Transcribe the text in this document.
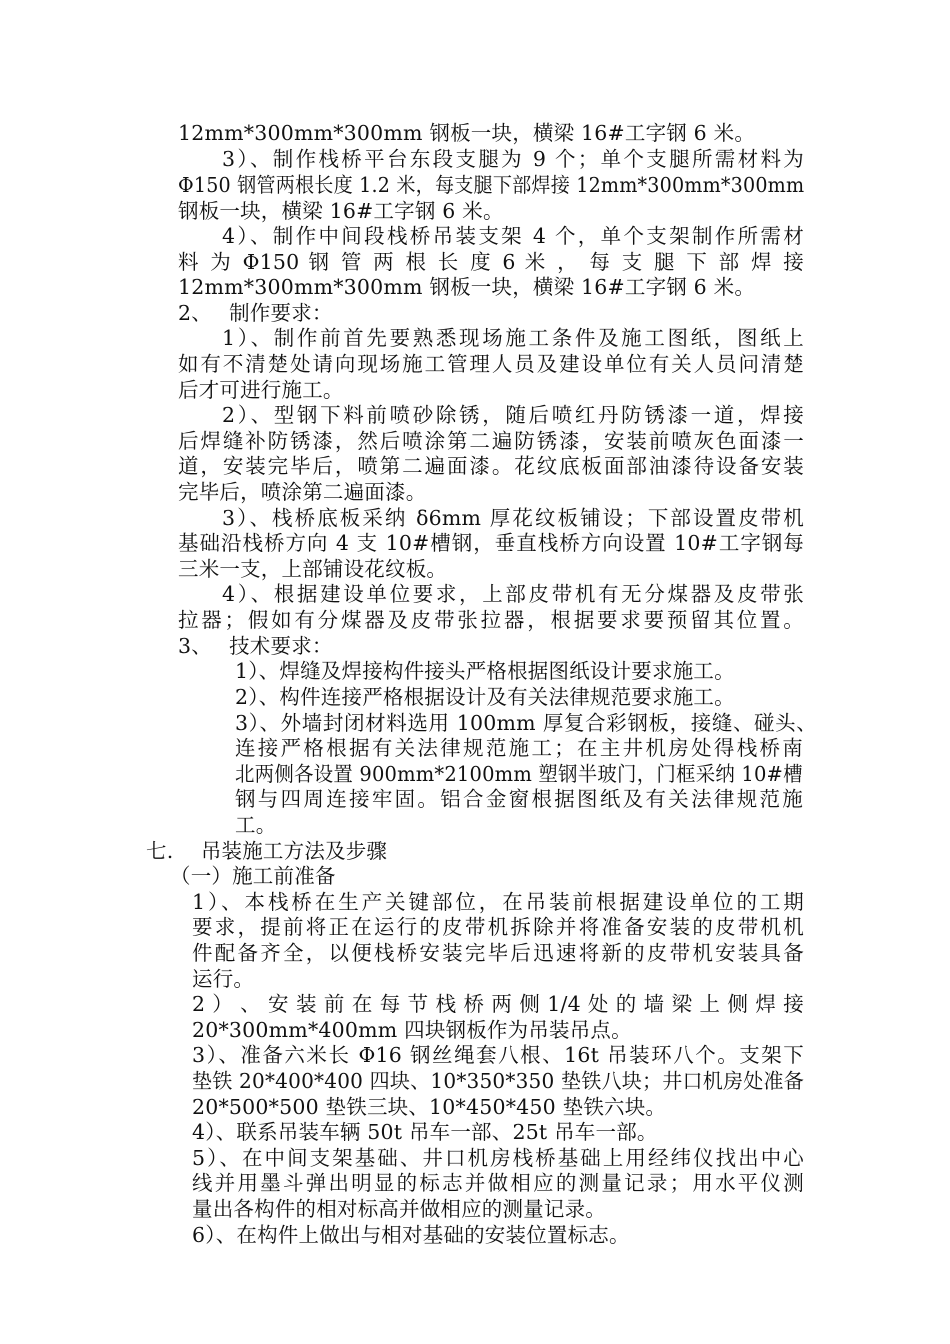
12mm*300mm*300mm 钢板一块，横梁 16#工字钢 6 米。
3）、制作栈桥平台东段支腿为 9 个；单个支腿所需材料为
Φ150 钢管两根长度 1.2 米，每支腿下部焊接 12mm*300mm*300mm
钢板一块，横梁 16#工字钢 6 米。
4）、制作中间段栈桥吊装支架 4 个，单个支架制作所需材
料 为 Φ150 钢 管 两 根 长 度 6 米 ， 每 支 腿 下 部 焊 接
12mm*300mm*300mm 钢板一块，横梁 16#工字钢 6 米。
2、　 制作要求：
1）、制作前首先要熟悉现场施工条件及施工图纸，图纸上
如有不清楚处请向现场施工管理人员及建设单位有关人员问清楚
后才可进行施工。
2）、型钢下料前喷砂除锈，随后喷红丹防锈漆一道，焊接
后焊缝补防锈漆，然后喷涂第二遍防锈漆，安装前喷灰色面漆一
道，安装完毕后，喷第二遍面漆。花纹底板面部油漆待设备安装
完毕后，喷涂第二遍面漆。
3）、栈桥底板采纳 δ6mm 厚花纹板铺设；下部设置皮带机
基础沿栈桥方向 4 支 10#槽钢，垂直栈桥方向设置 10#工字钢每
三米一支，上部铺设花纹板。
4）、根据建设单位要求，上部皮带机有无分煤器及皮带张
拉器；假如有分煤器及皮带张拉器，根据要求要预留其位置。
3、　 技术要求：
1）、焊缝及焊接构件接头严格根据图纸设计要求施工。
2）、构件连接严格根据设计及有关法律规范要求施工。
3）、外墙封闭材料选用 100mm 厚复合彩钢板，接缝、碰头、
连接严格根据有关法律规范施工；在主井机房处得栈桥南
北两侧各设置 900mm*2100mm 塑钢半玻门，门框采纳 10#槽
钢与四周连接牢固。铝合金窗根据图纸及有关法律规范施
工。
七.　 吊装施工方法及步骤
（一）施工前准备
1）、本栈桥在生产关键部位，在吊装前根据建设单位的工期
要求，提前将正在运行的皮带机拆除并将准备安装的皮带机机
件配备齐全，以便栈桥安装完毕后迅速将新的皮带机安装具备
运行。
2 ） 、 安 装 前 在 每 节 栈 桥 两 侧 1/4 处 的 墙 梁 上 侧 焊 接
20*300mm*400mm 四块钢板作为吊装吊点。
3）、准备六米长 Φ16 钢丝绳套八根、16t 吊装环八个。支架下
垫铁 20*400*400 四块、10*350*350 垫铁八块；井口机房处准备
20*500*500 垫铁三块、10*450*450 垫铁六块。
4）、联系吊装车辆 50t 吊车一部、25t 吊车一部。
5）、在中间支架基础、井口机房栈桥基础上用经纬仪找出中心
线并用墨斗弹出明显的标志并做相应的测量记录；用水平仪测
量出各构件的相对标高并做相应的测量记录。
6）、在构件上做出与相对基础的安装位置标志。
